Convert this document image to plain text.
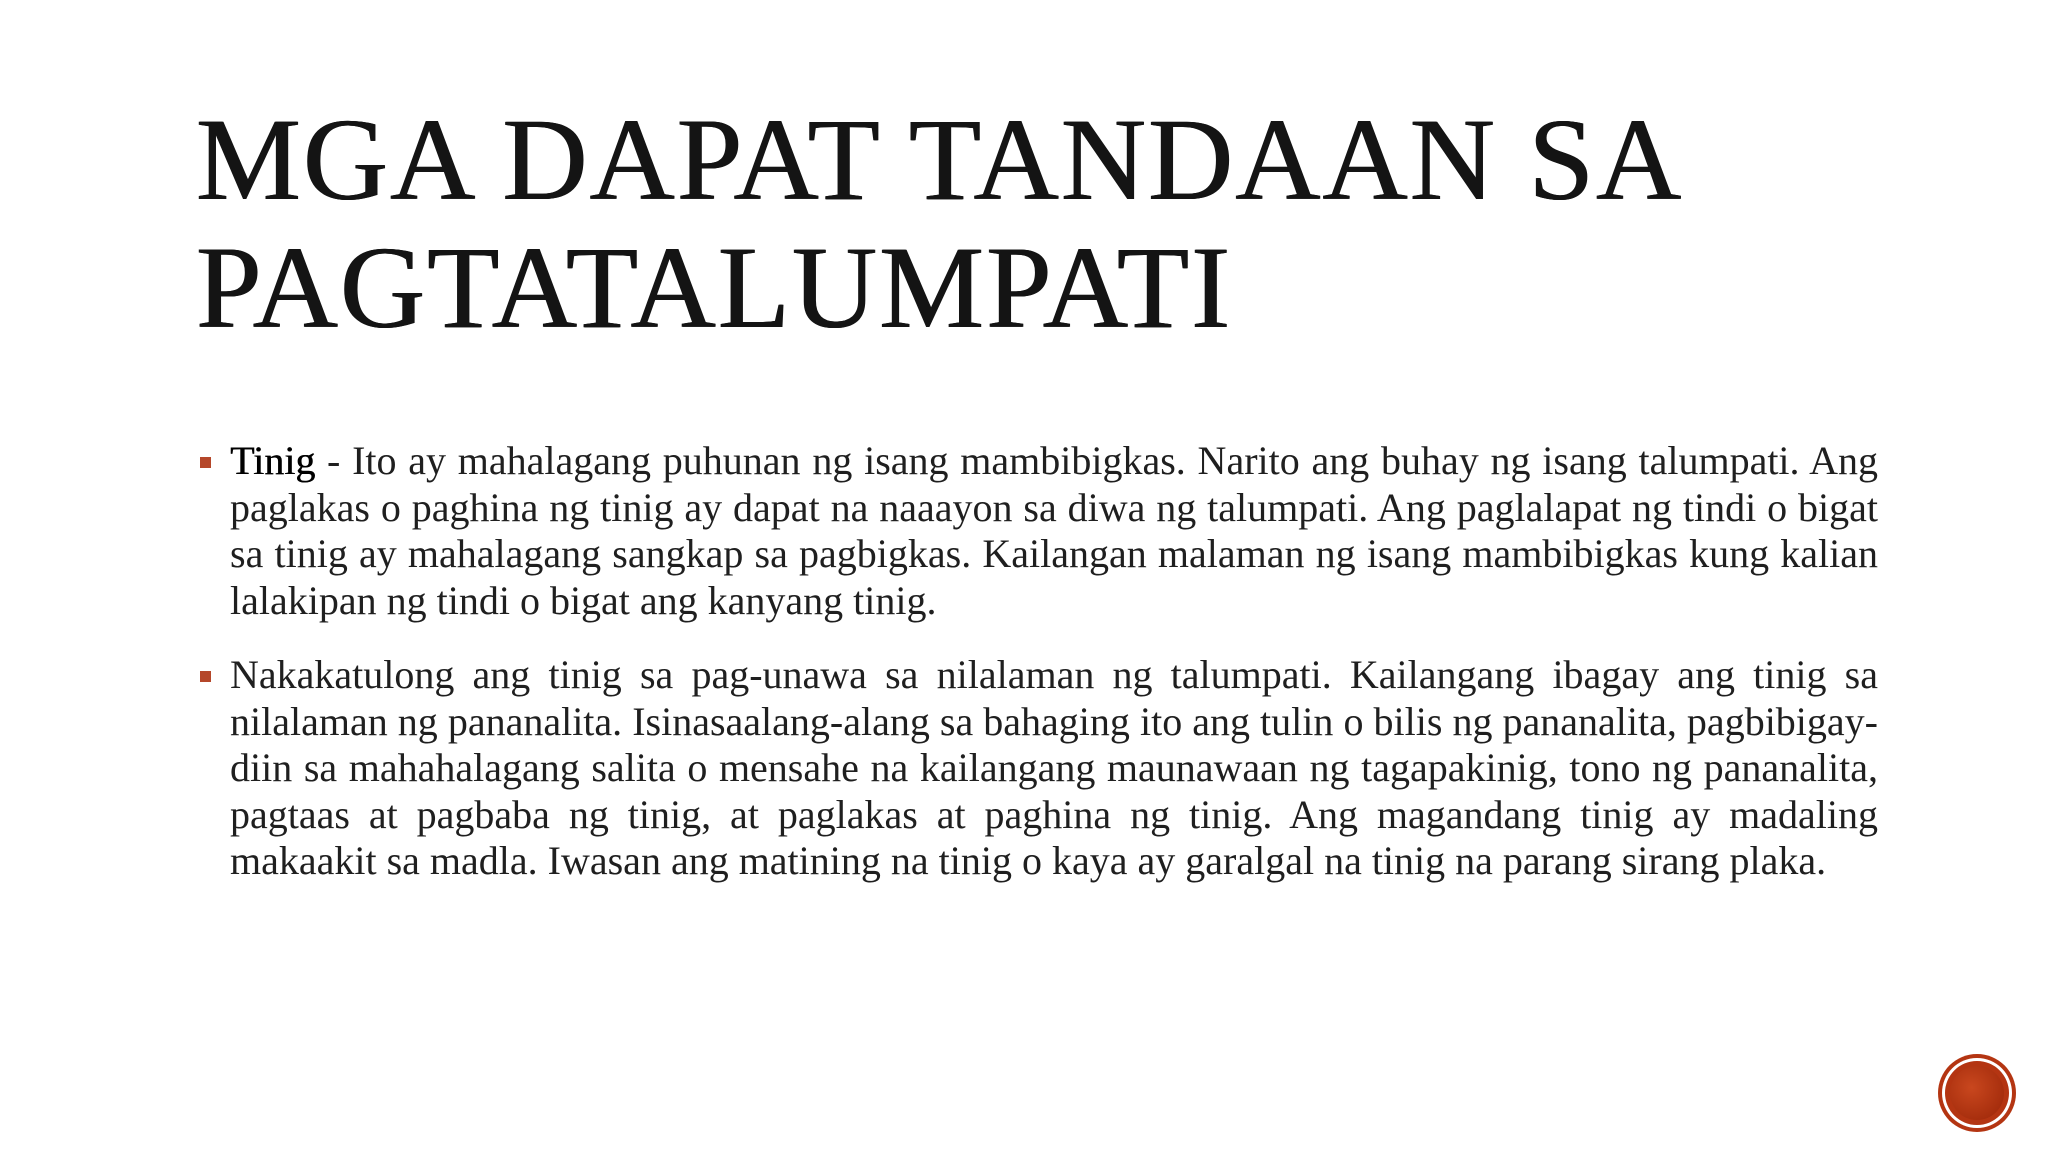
MGA DAPAT TANDAAN SA
PAGTATALUMPATI

Tinig - Ito ay mahalagang puhunan ng isang mambibigkas. Narito ang buhay ng isang talumpati. Ang paglakas o paghina ng tinig ay dapat na naaayon sa diwa ng talumpati. Ang paglalapat ng tindi o bigat sa tinig ay mahalagang sangkap sa pagbigkas. Kailangan malaman ng isang mambibigkas kung kalian lalakipan ng tindi o bigat ang kanyang tinig.

Nakakatulong ang tinig sa pag-unawa sa nilalaman ng talumpati. Kailangang ibagay ang tinig sa nilalaman ng pananalita. Isinasaalang-alang sa bahaging ito ang tulin o bilis ng pananalita, pagbibigay-diin sa mahahalagang salita o mensahe na kailangang maunawaan ng tagapakinig, tono ng pananalita, pagtaas at pagbaba ng tinig, at paglakas at paghina ng tinig. Ang magandang tinig ay madaling makaakit sa madla. Iwasan ang matining na tinig o kaya ay garalgal na tinig na parang sirang plaka.
